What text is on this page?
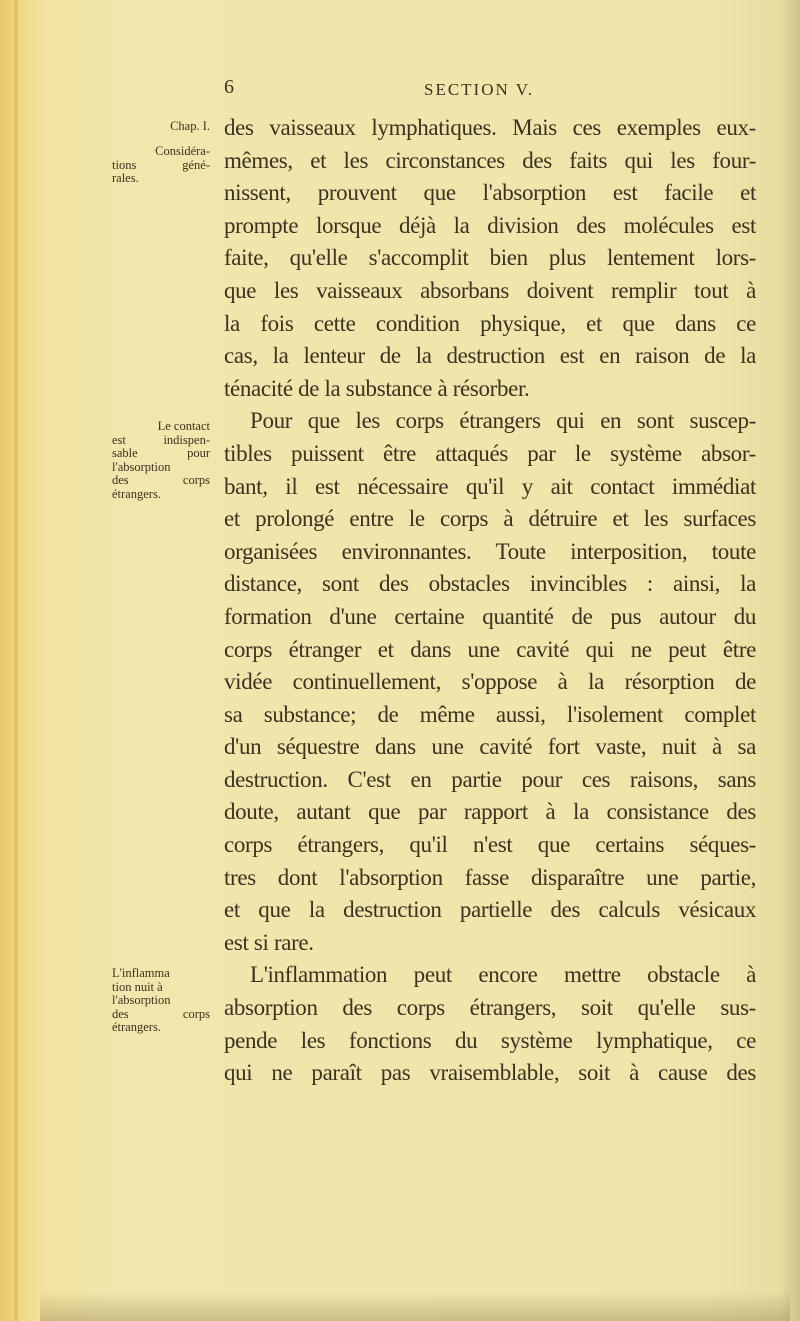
6	SECTION V.
Chap. I.
Considéra-
tions géné-
rales.
Le contact
est indispen-
sable pour
l'absorption
des corps
étrangers.
L'inflamma
tion nuit à
l'absorption
des corps
étrangers.
des vaisseaux lymphatiques. Mais ces exemples eux-
mêmes, et les circonstances des faits qui les four-
nissent, prouvent que l'absorption est facile et
prompte lorsque déjà la division des molécules est
faite, qu'elle s'accomplit bien plus lentement lors-
que les vaisseaux absorbans doivent remplir tout à
la fois cette condition physique, et que dans ce
cas, la lenteur de la destruction est en raison de la
ténacité de la substance à résorber.
Pour que les corps étrangers qui en sont suscep-
tibles puissent être attaqués par le système absor-
bant, il est nécessaire qu'il y ait contact immédiat
et prolongé entre le corps à détruire et les surfaces
organisées environnantes. Toute interposition, toute
distance, sont des obstacles invincibles : ainsi, la
formation d'une certaine quantité de pus autour du
corps étranger et dans une cavité qui ne peut être
vidée continuellement, s'oppose à la résorption de
sa substance; de même aussi, l'isolement complet
d'un séquestre dans une cavité fort vaste, nuit à sa
destruction. C'est en partie pour ces raisons, sans
doute, autant que par rapport à la consistance des
corps étrangers, qu'il n'est que certains séques-
tres dont l'absorption fasse disparaître une partie,
et que la destruction partielle des calculs vésicaux
est si rare.
L'inflammation peut encore mettre obstacle à
absorption des corps étrangers, soit qu'elle sus-
pende les fonctions du système lymphatique, ce
qui ne paraît pas vraisemblable, soit à cause des
